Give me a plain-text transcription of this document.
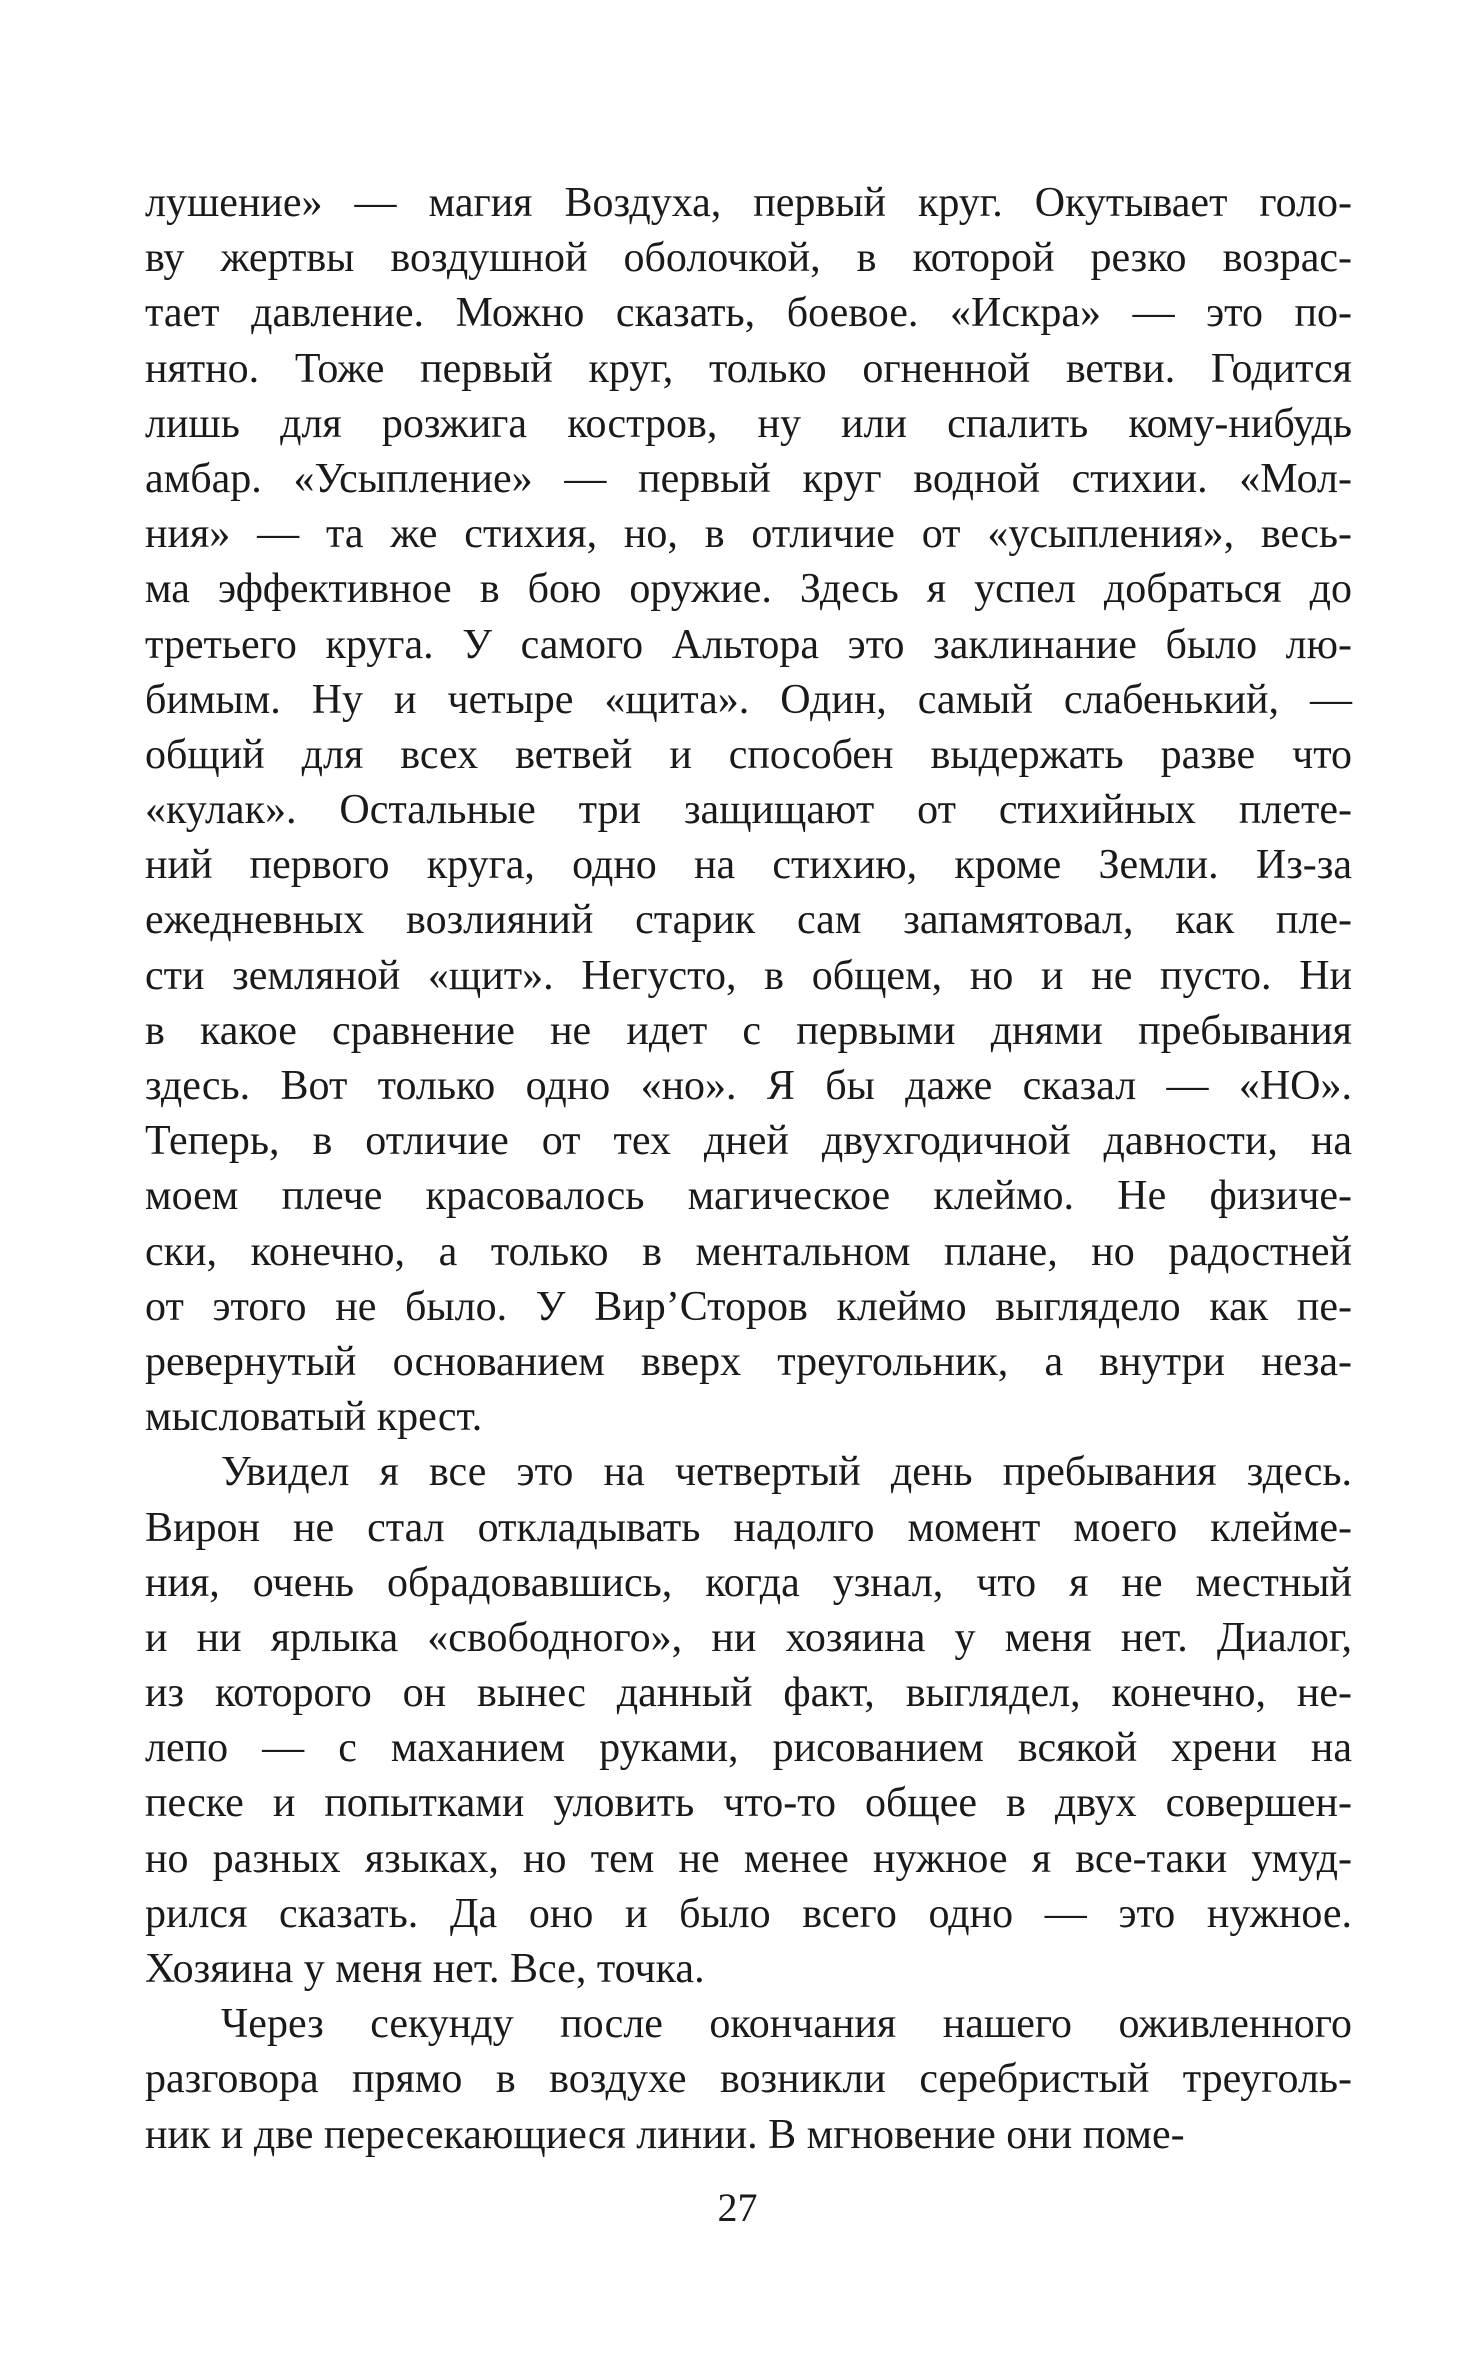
лушение» — магия Воздуха, первый круг. Окутывает голо-
ву жертвы воздушной оболочкой, в которой резко возрас-
тает давление. Можно сказать, боевое. «Искра» — это по-
нятно. Тоже первый круг, только огненной ветви. Годится
лишь для розжига костров, ну или спалить кому-нибудь
амбар. «Усыпление» — первый круг водной стихии. «Мол-
ния» — та же стихия, но, в отличие от «усыпления», весь-
ма эффективное в бою оружие. Здесь я успел добраться до
третьего круга. У самого Альтора это заклинание было лю-
бимым. Ну и четыре «щита». Один, самый слабенький, —
общий для всех ветвей и способен выдержать разве что
«кулак». Остальные три защищают от стихийных плете-
ний первого круга, одно на стихию, кроме Земли. Из-за
ежедневных возлияний старик сам запамятовал, как пле-
сти земляной «щит». Негусто, в общем, но и не пусто. Ни
в какое сравнение не идет с первыми днями пребывания
здесь. Вот только одно «но». Я бы даже сказал — «НО».
Теперь, в отличие от тех дней двухгодичной давности, на
моем плече красовалось магическое клеймо. Не физиче-
ски, конечно, а только в ментальном плане, но радостней
от этого не было. У Вир’Сторов клеймо выглядело как пе-
ревернутый основанием вверх треугольник, а внутри неза-
мысловатый крест.
Увидел я все это на четвертый день пребывания здесь.
Вирон не стал откладывать надолго момент моего клейме-
ния, очень обрадовавшись, когда узнал, что я не местный
и ни ярлыка «свободного», ни хозяина у меня нет. Диалог,
из которого он вынес данный факт, выглядел, конечно, не-
лепо — с маханием руками, рисованием всякой хрени на
песке и попытками уловить что-то общее в двух совершен-
но разных языках, но тем не менее нужное я все-таки умуд-
рился сказать. Да оно и было всего одно — это нужное.
Хозяина у меня нет. Все, точка.
Через секунду после окончания нашего оживленного
разговора прямо в воздухе возникли серебристый треуголь-
ник и две пересекающиеся линии. В мгновение они поме-
27
